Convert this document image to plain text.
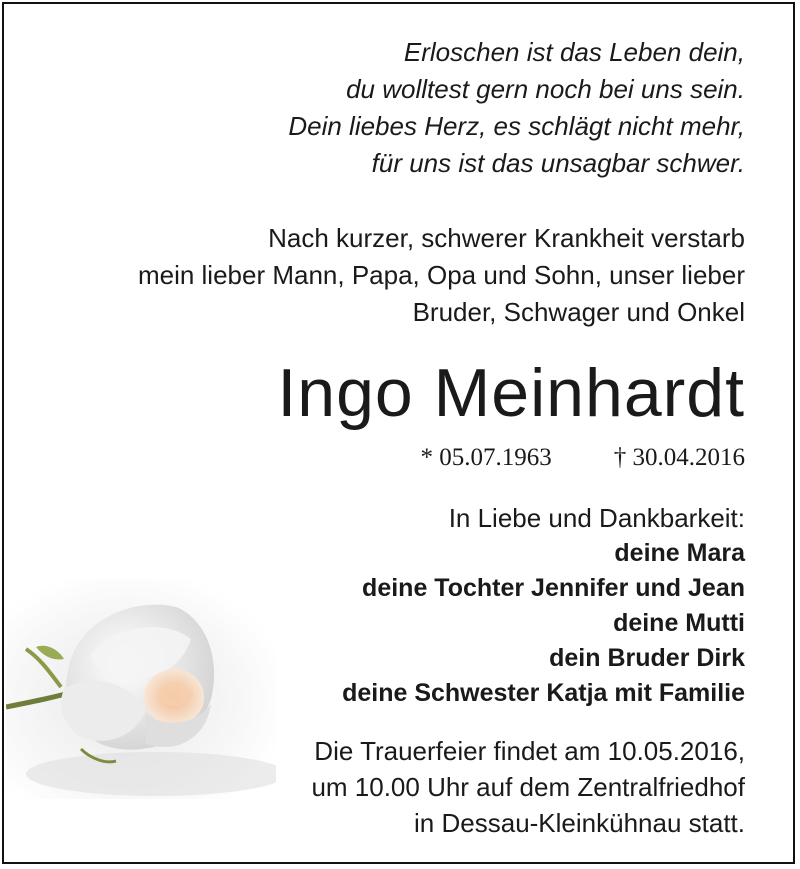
Erloschen ist das Leben dein,
du wolltest gern noch bei uns sein.
Dein liebes Herz, es schlägt nicht mehr,
für uns ist das unsagbar schwer.
Nach kurzer, schwerer Krankheit verstarb
mein lieber Mann, Papa, Opa und Sohn, unser lieber
Bruder, Schwager und Onkel
Ingo Meinhardt
* 05.07.1963 † 30.04.2016
In Liebe und Dankbarkeit:
deine Mara
deine Tochter Jennifer und Jean
deine Mutti
dein Bruder Dirk
deine Schwester Katja mit Familie
Die Trauerfeier findet am 10.05.2016,
um 10.00 Uhr auf dem Zentralfriedhof
in Dessau-Kleinkühnau statt.
